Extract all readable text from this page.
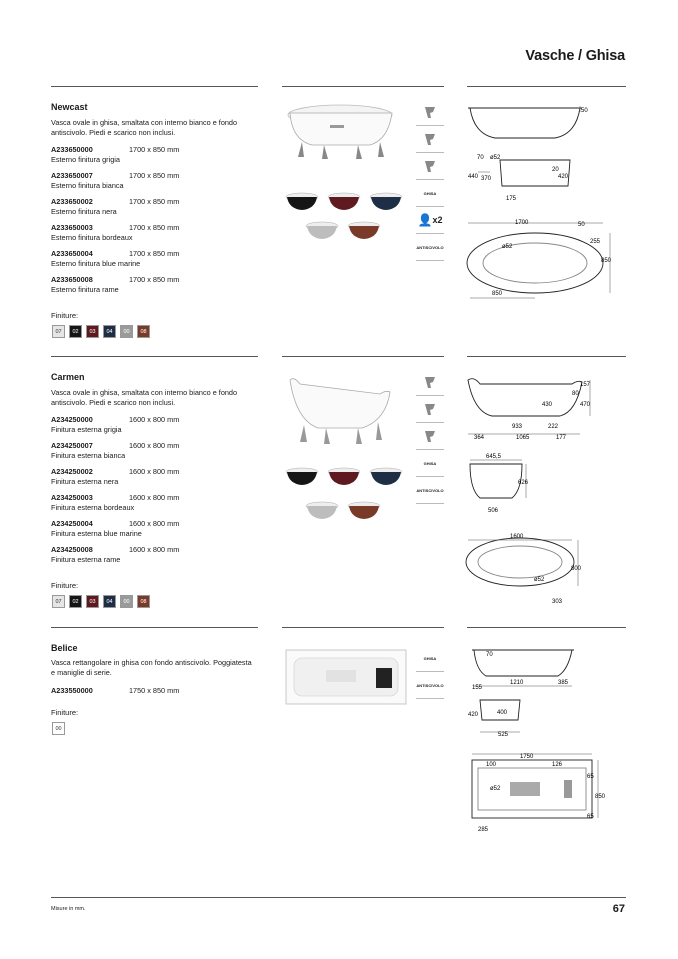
Vasche / Ghisa
Newcast
Vasca ovale in ghisa, smaltata con interno bianco e fondo antiscivolo. Piedi e scarico non inclusi.
A233650000	1700 x 850 mm
Esterno finitura grigia
A233650007	1700 x 850 mm
Esterno finitura bianca
A233650002	1700 x 850 mm
Esterno finitura nera
A233650003	1700 x 850 mm
Esterno finitura bordeaux
A233650004	1700 x 850 mm
Esterno finitura blue marine
A233650008	1700 x 850 mm
Esterno finitura rame
Finiture:
07	02	03	04	00	08
GHISA
👤 x2
ANTISCIVOLO
50
70 ø52
440 370
20
420
175
1700	50
255
ø52
850
850
Carmen
Vasca ovale in ghisa, smaltata con interno bianco e fondo antiscivolo. Piedi e scarico non inclusi.
A234250000	1600 x 800 mm
Finitura esterna grigia
A234250007	1600 x 800 mm
Finitura esterna bianca
A234250002	1600 x 800 mm
Finitura esterna nera
A234250003	1600 x 800 mm
Finitura esterna bordeaux
A234250004	1600 x 800 mm
Finitura esterna blue marine
A234250008	1600 x 800 mm
Finitura esterna rame
Finiture:
07	02	03	04	00	08
GHISA
ANTISCIVOLO
157
80
430	470
933	222
364	1065	177
645,5
626
506
1600
800
ø52
303
Belice
Vasca rettangolare in ghisa con fondo antiscivolo. Poggiatesta e maniglie di serie.
A233550000	1750 x 850 mm
Finiture:
00
GHISA
ANTISCIVOLO
70
155
1210	385
420	400
525
1750
100	126
65
ø52
850
65
285
Misure in mm.	67
